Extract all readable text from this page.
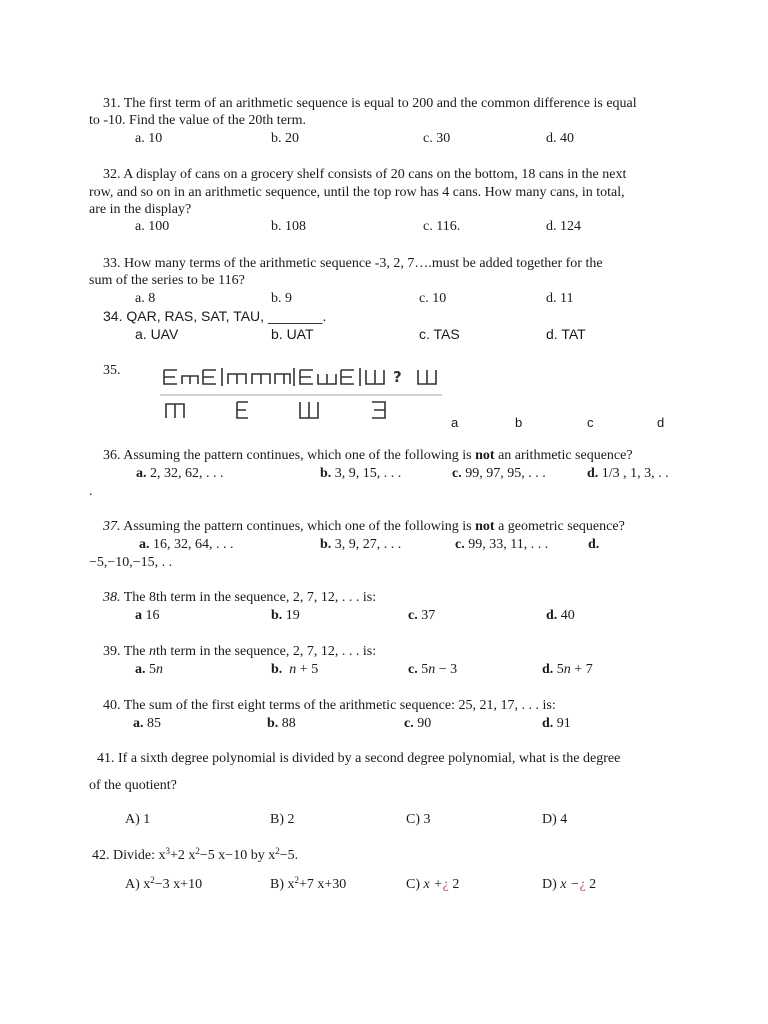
31. The first term of an arithmetic sequence is equal to 200 and the common difference is equal
to -10. Find the value of the 20th term.
a. 10	b. 20	c. 30	d. 40
32. A display of cans on a grocery shelf consists of 20 cans on the bottom, 18 cans in the next
row, and so on in an arithmetic sequence, until the top row has 4 cans. How many cans, in total,
are in the display?
a. 100	b. 108	c. 116.	d. 124
33. How many terms of the arithmetic sequence -3, 2, 7….must be added together for the
sum of the series to be 116?
a. 8	b. 9	c. 10	d. 11
34. QAR, RAS, SAT, TAU, _______.
a. UAV	b. UAT	c. TAS	d. TAT
35.	?
a	b	c	d
36. Assuming the pattern continues, which one of the following is not an arithmetic sequence?
a. 2, 32, 62, . . .	b. 3, 9, 15, . . .	c. 99, 97, 95, . . .	d. 1/3 , 1, 3, . .
.
37. Assuming the pattern continues, which one of the following is not a geometric sequence?
a. 16, 32, 64, . . .	b. 3, 9, 27, . . .	c. 99, 33, 11, . . .	d.
−5,−10,−15, . .
38. The 8th term in the sequence, 2, 7, 12, . . . is:
a 16	b. 19	c. 37	d. 40
39. The nth term in the sequence, 2, 7, 12, . . . is:
a. 5n	b. n + 5	c. 5n − 3	d. 5n + 7
40. The sum of the first eight terms of the arithmetic sequence: 25, 21, 17, . . . is:
a. 85	b. 88	c. 90	d. 91
41. If a sixth degree polynomial is divided by a second degree polynomial, what is the degree
of the quotient?
A) 1	B) 2	C) 3	D) 4
42. Divide: $x^3+2$ $x^2-5$ x−10 by $x^2-5$.
A) $x^2-3$ x+10	B) $x^2+7$ x+30	C) x +¿ 2	D) x −¿ 2
